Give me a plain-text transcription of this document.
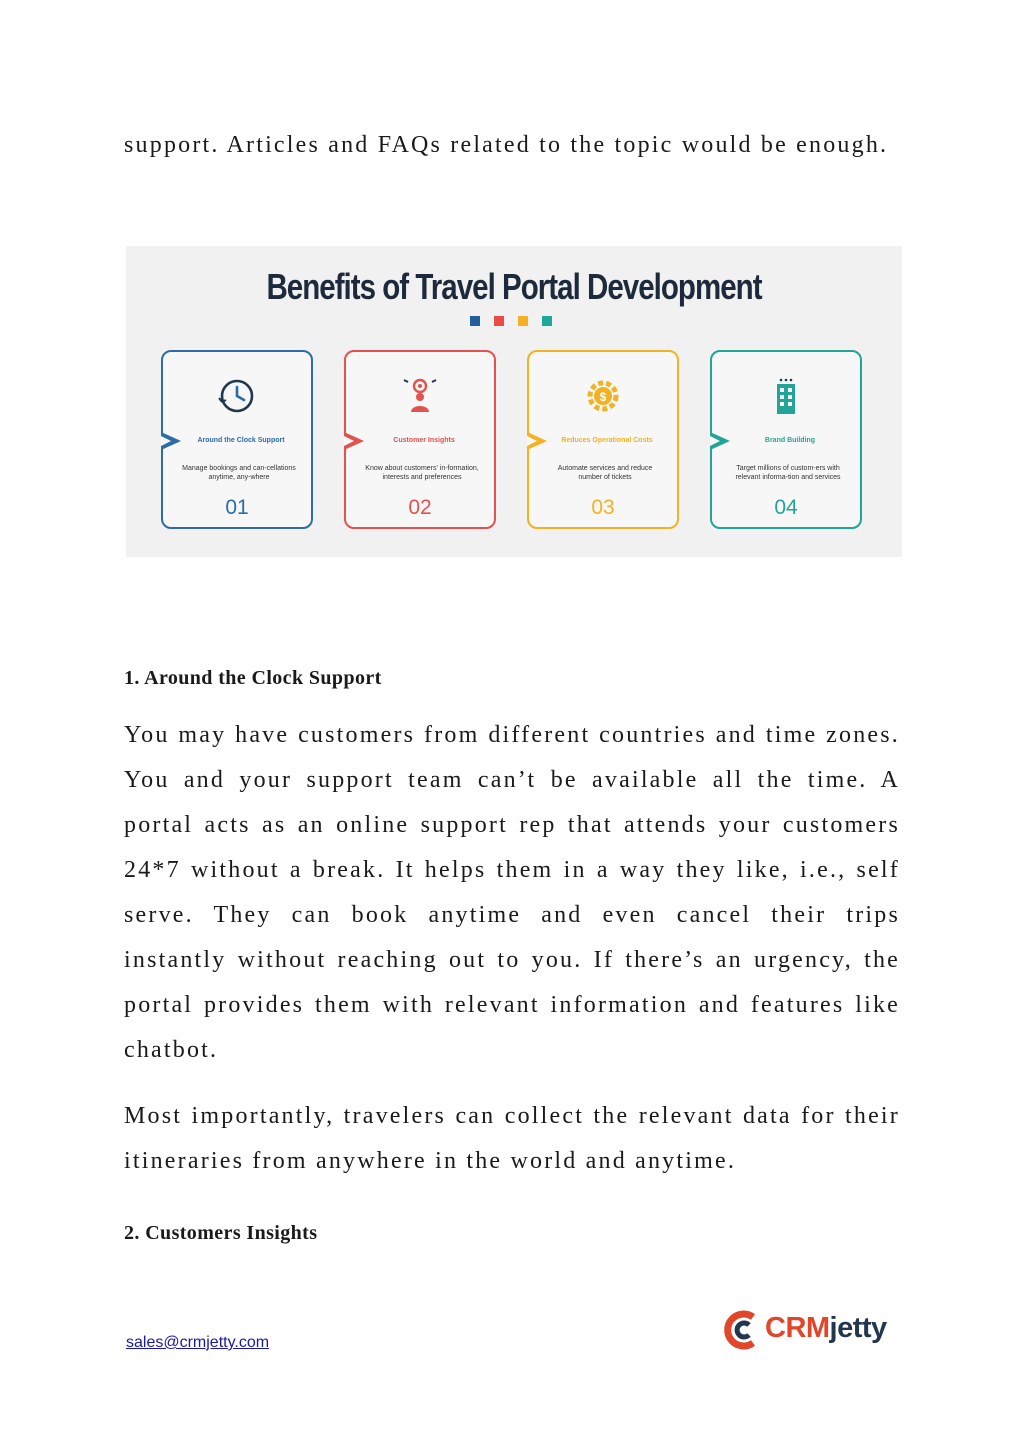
support. Articles and FAQs related to the topic would be enough.

Benefits of Travel Portal Development
Around the Clock Support
Manage bookings and can-cellations anytime, any-where
01
Customer Insights
Know about customers' in-formation, interests and preferences
02
$
Reduces Operational Costs
Automate services and reduce number of tickets
03
Brand Building
Target millions of custom-ers with relevant informa-tion and services
04
1. Around the Clock Support

You may have customers from different countries and time zones. You and your support team can’t be available all the time. A portal acts as an online support rep that attends your customers 24*7 without a break. It helps them in a way they like, i.e., self serve. They can book anytime and even cancel their trips instantly without reaching out to you. If there’s an urgency, the portal provides them with relevant information and features like chatbot.

Most importantly, travelers can collect the relevant data for their itineraries from anywhere in the world and anytime.

2. Customers Insights
sales@crmjetty.com	CRMjetty
